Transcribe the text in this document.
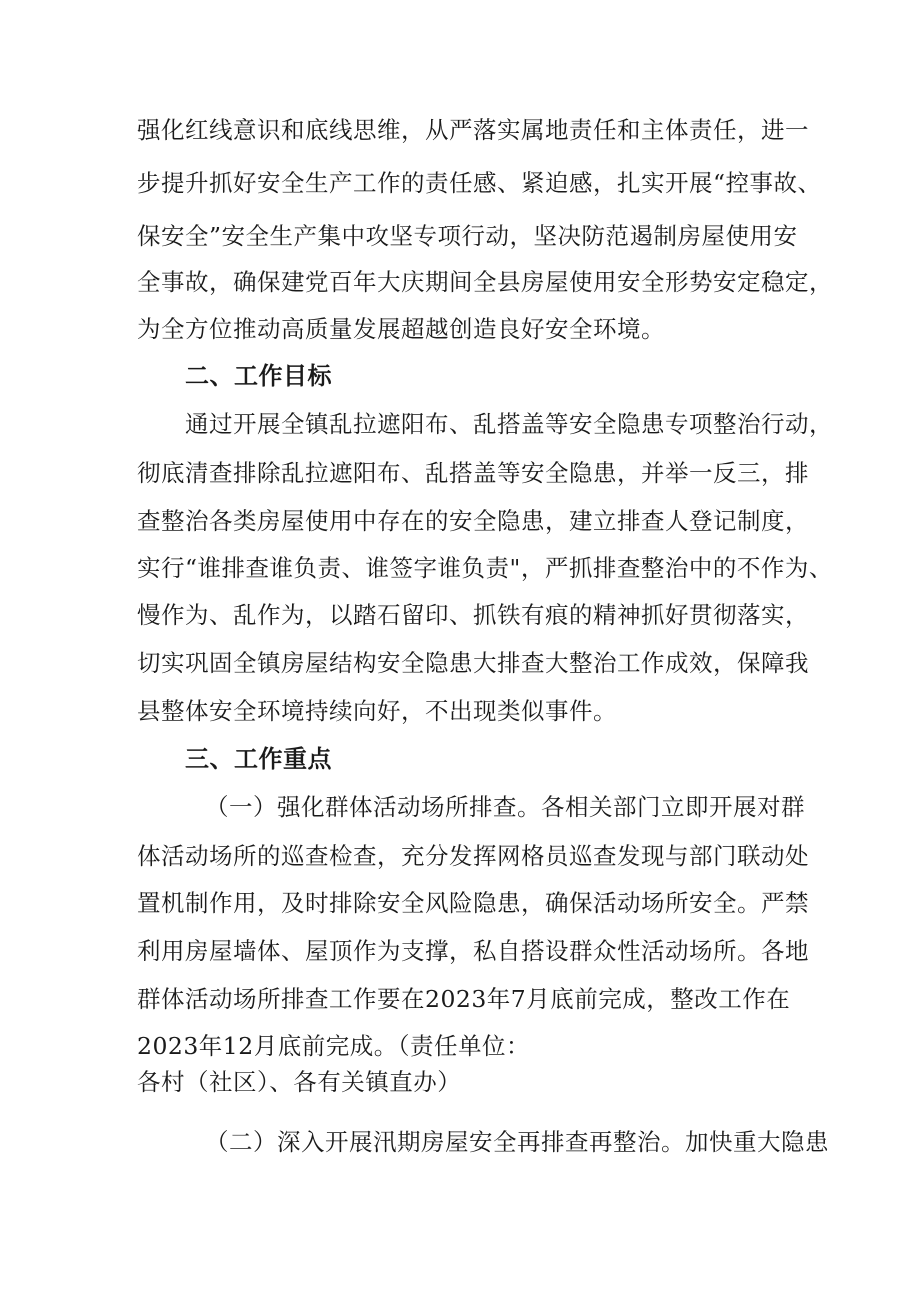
强化红线意识和底线思维，从严落实属地责任和主体责任，进一
步提升抓好安全生产工作的责任感、紧迫感，扎实开展“控事故、
保安全”安全生产集中攻坚专项行动，坚决防范遏制房屋使用安
全事故，确保建党百年大庆期间全县房屋使用安全形势安定稳定，
为全方位推动高质量发展超越创造良好安全环境。
二、工作目标
通过开展全镇乱拉遮阳布、乱搭盖等安全隐患专项整治行动，
彻底清查排除乱拉遮阳布、乱搭盖等安全隐患，并举一反三，排
查整治各类房屋使用中存在的安全隐患，建立排查人登记制度，
实行“谁排查谁负责、谁签字谁负责"，严抓排查整治中的不作为、
慢作为、乱作为，以踏石留印、抓铁有痕的精神抓好贯彻落实，
切实巩固全镇房屋结构安全隐患大排查大整治工作成效，保障我
县整体安全环境持续向好，不出现类似事件。
三、工作重点
（一）强化群体活动场所排查。各相关部门立即开展对群
体活动场所的巡查检查，充分发挥网格员巡查发现与部门联动处
置机制作用，及时排除安全风险隐患，确保活动场所安全。严禁
利用房屋墙体、屋顶作为支撑，私自搭设群众性活动场所。各地
群体活动场所排查工作要在2023年7月底前完成，整改工作在
2023年12月底前完成。（责任单位：
各村（社区）、各有关镇直办）
（二）深入开展汛期房屋安全再排查再整治。加快重大隐患
